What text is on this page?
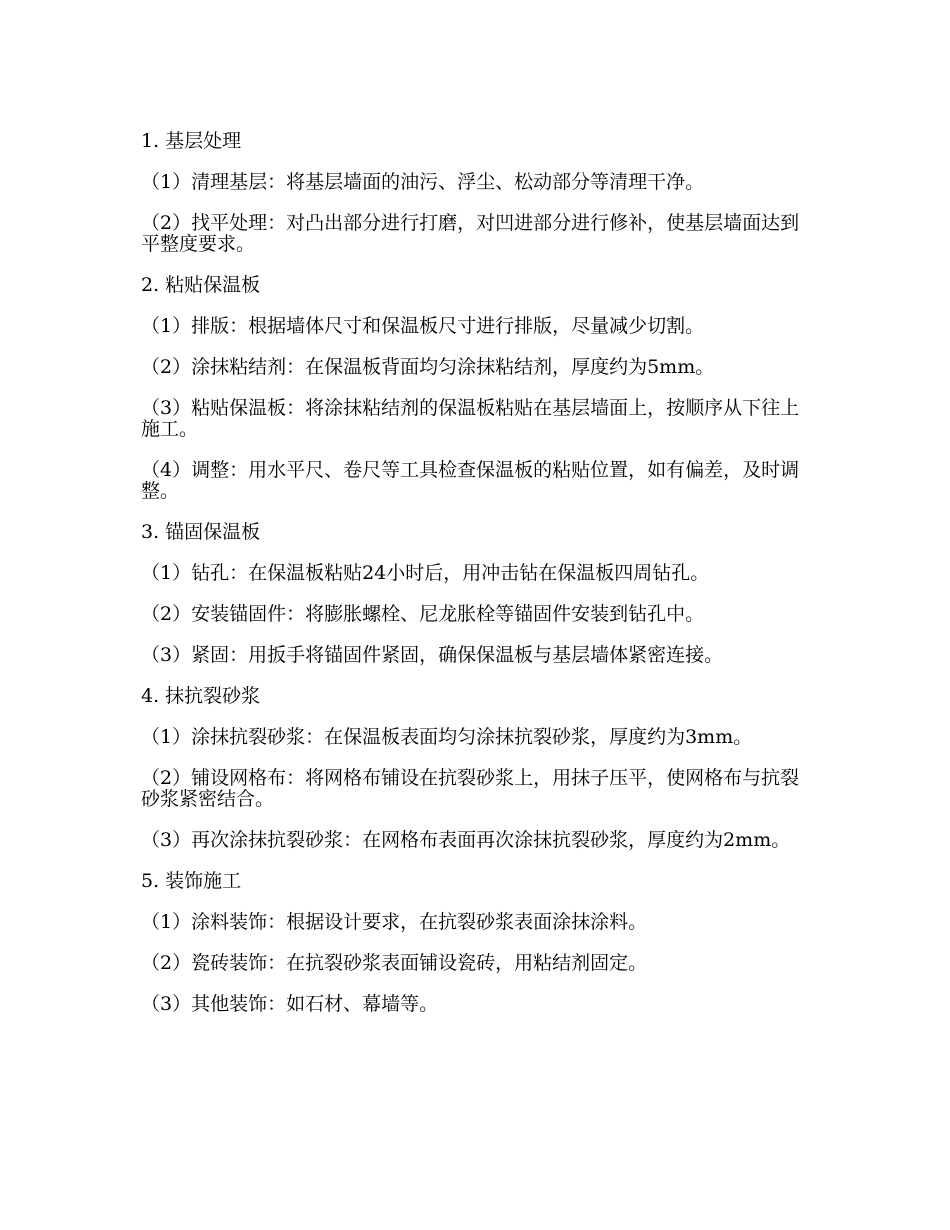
1. 基层处理

（1）清理基层：将基层墙面的油污、浮尘、松动部分等清理干净。

（2）找平处理：对凸出部分进行打磨，对凹进部分进行修补，使基层墙面达到平整度要求。

2. 粘贴保温板

（1）排版：根据墙体尺寸和保温板尺寸进行排版，尽量减少切割。

（2）涂抹粘结剂：在保温板背面均匀涂抹粘结剂，厚度约为5mm。

（3）粘贴保温板：将涂抹粘结剂的保温板粘贴在基层墙面上，按顺序从下往上施工。

（4）调整：用水平尺、卷尺等工具检查保温板的粘贴位置，如有偏差，及时调整。

3. 锚固保温板

（1）钻孔：在保温板粘贴24小时后，用冲击钻在保温板四周钻孔。

（2）安装锚固件：将膨胀螺栓、尼龙胀栓等锚固件安装到钻孔中。

（3）紧固：用扳手将锚固件紧固，确保保温板与基层墙体紧密连接。

4. 抹抗裂砂浆

（1）涂抹抗裂砂浆：在保温板表面均匀涂抹抗裂砂浆，厚度约为3mm。

（2）铺设网格布：将网格布铺设在抗裂砂浆上，用抹子压平，使网格布与抗裂砂浆紧密结合。

（3）再次涂抹抗裂砂浆：在网格布表面再次涂抹抗裂砂浆，厚度约为2mm。

5. 装饰施工

（1）涂料装饰：根据设计要求，在抗裂砂浆表面涂抹涂料。

（2）瓷砖装饰：在抗裂砂浆表面铺设瓷砖，用粘结剂固定。

（3）其他装饰：如石材、幕墙等。
